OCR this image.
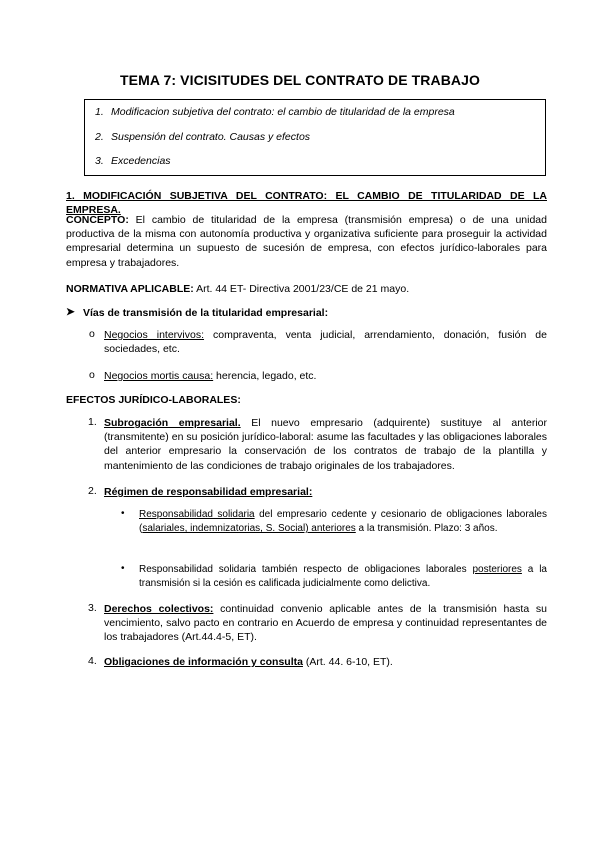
TEMA 7: VICISITUDES DEL CONTRATO DE TRABAJO
1. Modificacion subjetiva del contrato: el cambio de titularidad de la empresa
2. Suspensión del contrato. Causas y efectos
3. Excedencias
1. MODIFICACIÓN SUBJETIVA DEL CONTRATO: EL CAMBIO DE TITULARIDAD DE LA EMPRESA.
CONCEPTO: El cambio de titularidad de la empresa (transmisión empresa) o de una unidad productiva de la misma con autonomía productiva y organizativa suficiente para proseguir la actividad empresarial determina un supuesto de sucesión de empresa, con efectos jurídico-laborales para empresa y trabajadores.
NORMATIVA APLICABLE: Art. 44 ET- Directiva 2001/23/CE de 21 mayo.
➤ Vías de transmisión de la titularidad empresarial:
o Negocios intervivos: compraventa, venta judicial, arrendamiento, donación, fusión de sociedades, etc.
o Negocios mortis causa: herencia, legado, etc.
EFECTOS JURÍDICO-LABORALES:
1. Subrogación empresarial. El nuevo empresario (adquirente) sustituye al anterior (transmitente) en su posición jurídico-laboral: asume las facultades y las obligaciones laborales del anterior empresario la conservación de los contratos de trabajo de la plantilla y mantenimiento de las condiciones de trabajo originales de los trabajadores.
2. Régimen de responsabilidad empresarial:
• Responsabilidad solidaria del empresario cedente y cesionario de obligaciones laborales (salariales, indemnizatorias, S. Social) anteriores a la transmisión. Plazo: 3 años.
• Responsabilidad solidaria también respecto de obligaciones laborales posteriores a la transmisión si la cesión es calificada judicialmente como delictiva.
3. Derechos colectivos: continuidad convenio aplicable antes de la transmisión hasta su vencimiento, salvo pacto en contrario en Acuerdo de empresa y continuidad representantes de los trabajadores (Art.44.4-5, ET).
4. Obligaciones de información y consulta (Art. 44. 6-10, ET).
